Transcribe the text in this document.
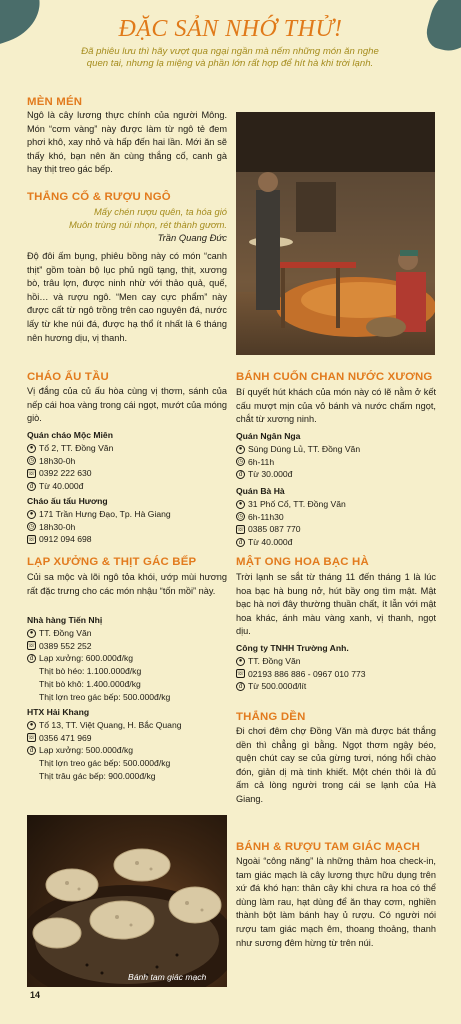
ĐẶC SẢN NHỚ THỬ!
Đã phiêu lưu thì hãy vượt qua ngại ngần mà nếm những món ăn nghe quen tai, nhưng lạ miệng và phần lớn rất hợp để hít hà khi trời lạnh.
MÈN MÉN
Ngô là cây lương thực chính của người Mông. Món “cơm vàng” này được làm từ ngô tẻ đem phơi khô, xay nhỏ và hấp đến hai lần. Mới ăn sẽ thấy khó, bạn nên ăn cùng thắng cố, canh gà hay thịt treo gác bếp.
THẮNG CỐ & RƯỢU NGÔ
Mấy chén rượu quên, ta hóa gió
Muôn trùng núi nhọn, rét thành gươm.
Trần Quang Đức
Độ đôi ấm bụng, phiêu bồng này có món “canh thịt” gồm toàn bộ lục phủ ngũ tạng, thịt, xương bò, trâu lợn, được ninh nhừ với thảo quả, quế, hồi… và rượu ngô. “Men cay cực phẩm” này được cất từ ngô trồng trên cao nguyên đá, nước lấy từ khe núi đá, được hạ thổ ít nhất là 6 tháng nên hương dịu, vị thanh.
CHÁO ẤU TẦU
Vị đắng của củ ấu hòa cùng vị thơm, sánh của nếp cái hoa vàng trong cái ngọt, mướt của móng giò.
Quán cháo Mộc Miên
● Tổ 2, TT. Đồng Văn
◷ 18h30-0h
☏ 0392 222 630
đ Từ 40.000đ
Cháo ấu tẩu Hương
● 171 Trần Hưng Đạo, Tp. Hà Giang
◷ 18h30-0h
☏ 0912 094 698
LẠP XƯỞNG & THỊT GÁC BẾP
Củi sa mộc và lõi ngô tỏa khói, ướp mùi hương rất đặc trưng cho các món nhậu “tốn mồi” này.
Nhà hàng Tiến Nhị
● TT. Đồng Văn
☏ 0389 552 252
đ Lạp xưởng: 600.000đ/kg
Thịt bò héo: 1.100.000đ/kg
Thịt bò khô: 1.400.000đ/kg
Thịt lợn treo gác bếp: 500.000đ/kg
HTX Hải Khang
● Tổ 13, TT. Việt Quang, H. Bắc Quang
☏ 0356 471 969
đ Lạp xưởng: 500.000đ/kg
Thịt lợn treo gác bếp: 500.000đ/kg
Thịt trâu gác bếp: 900.000đ/kg
Bánh tam giác mạch
14
BÁNH CUỐN CHAN NƯỚC XƯƠNG
Bí quyết hút khách của món này có lẽ nằm ở kết cấu mượt mịn của vỏ bánh và nước chấm ngọt, chắt từ xương ninh.
Quán Ngân Nga
● Sùng Dúng Lủ, TT. Đồng Văn
◷ 6h-11h
đ Từ 30.000đ
Quán Bà Hà
● 31 Phố Cổ, TT. Đồng Văn
◷ 6h-11h30
☏ 0385 087 770
đ Từ 40.000đ
MẬT ONG HOA BẠC HÀ
Trời lạnh se sắt từ tháng 11 đến tháng 1 là lúc hoa bạc hà bung nở, hút bầy ong tìm mật. Mật bạc hà nơi đây thường thuần chất, ít lẫn với mật hoa khác, ánh màu vàng xanh, vị thanh, ngọt dịu.
Công ty TNHH Trường Anh.
● TT. Đồng Văn
☏ 02193 886 886 - 0967 010 773
đ Từ 500.000đ/lít
THẮNG DỀN
Đi chơi đêm chợ Đồng Văn mà được bát thắng dền thì chẳng gì bằng. Ngọt thơm ngậy béo, quện chút cay se của gừng tươi, nóng hổi chào đón, giản dị mà tinh khiết. Một chén thôi là đủ ấm cả lòng người trong cái se lạnh của Hà Giang.
BÁNH & RƯỢU TAM GIÁC MẠCH
Ngoài “công năng” là những thảm hoa check-in, tam giác mạch là cây lương thực hữu dụng trên xứ đá khó hạn: thân cây khi chưa ra hoa có thể dùng làm rau, hạt dùng để ăn thay cơm, nghiền thành bột làm bánh hay ủ rượu. Có người nói rượu tam giác mạch êm, thoang thoảng, thanh như sương đêm hừng từ trên núi.
